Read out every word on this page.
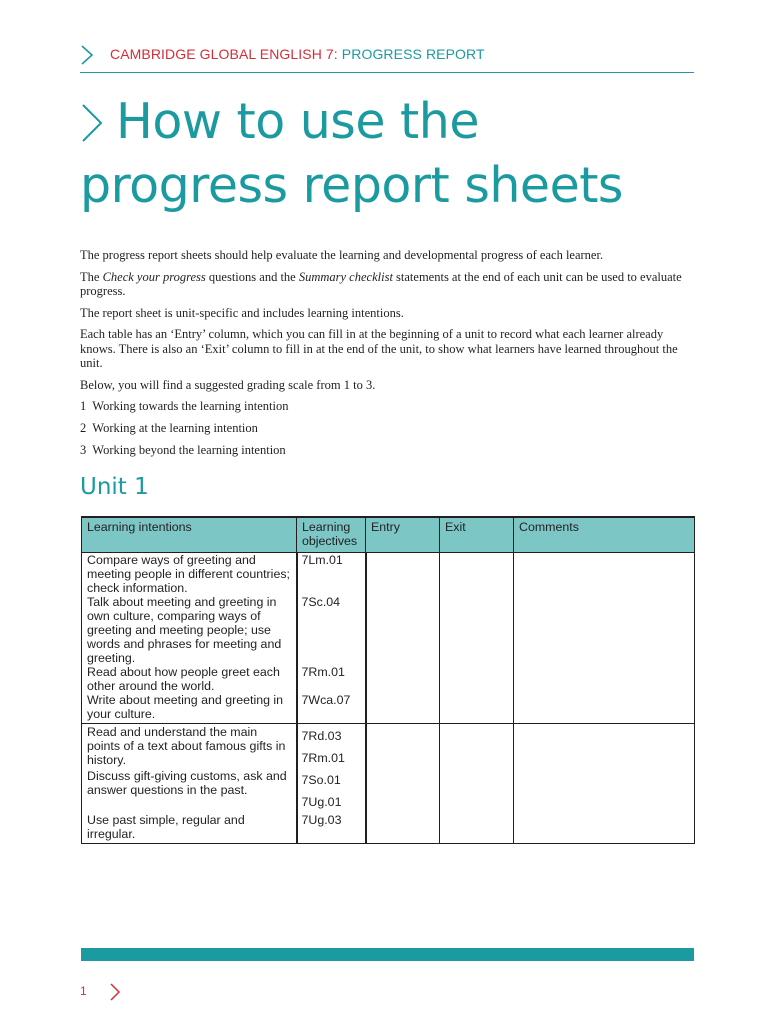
CAMBRIDGE GLOBAL ENGLISH 7: PROGRESS REPORT
How to use the
progress report sheets

The progress report sheets should help evaluate the learning and developmental progress of each learner.

The Check your progress questions and the Summary checklist statements at the end of each unit can be used to evaluate progress.

The report sheet is unit-specific and includes learning intentions.

Each table has an ‘Entry’ column, which you can fill in at the beginning of a unit to record what each learner already knows. There is also an ‘Exit’ column to fill in at the end of the unit, to show what learners have learned throughout the unit.

Below, you will find a suggested grading scale from 1 to 3.

1 Working towards the learning intention

2 Working at the learning intention

3 Working beyond the learning intention

Unit 1
Learning intentions	Learning objectives	Entry	Exit	Comments
Compare ways of greeting and meeting people in different countries; check information.	7Lm.01			
Talk about meeting and greeting in own culture, comparing ways of greeting and meeting people; use words and phrases for meeting and greeting.	7Sc.04			
Read about how people greet each other around the world.	7Rm.01			
Write about meeting and greeting in your culture.	7Wca.07			
Read and understand the main points of a text about famous gifts in history.	7Rd.03
7Rm.01			
Discuss gift-giving customs, ask and answer questions in the past.	7So.01
7Ug.01			
Use past simple, regular and irregular.	7Ug.03			
1
